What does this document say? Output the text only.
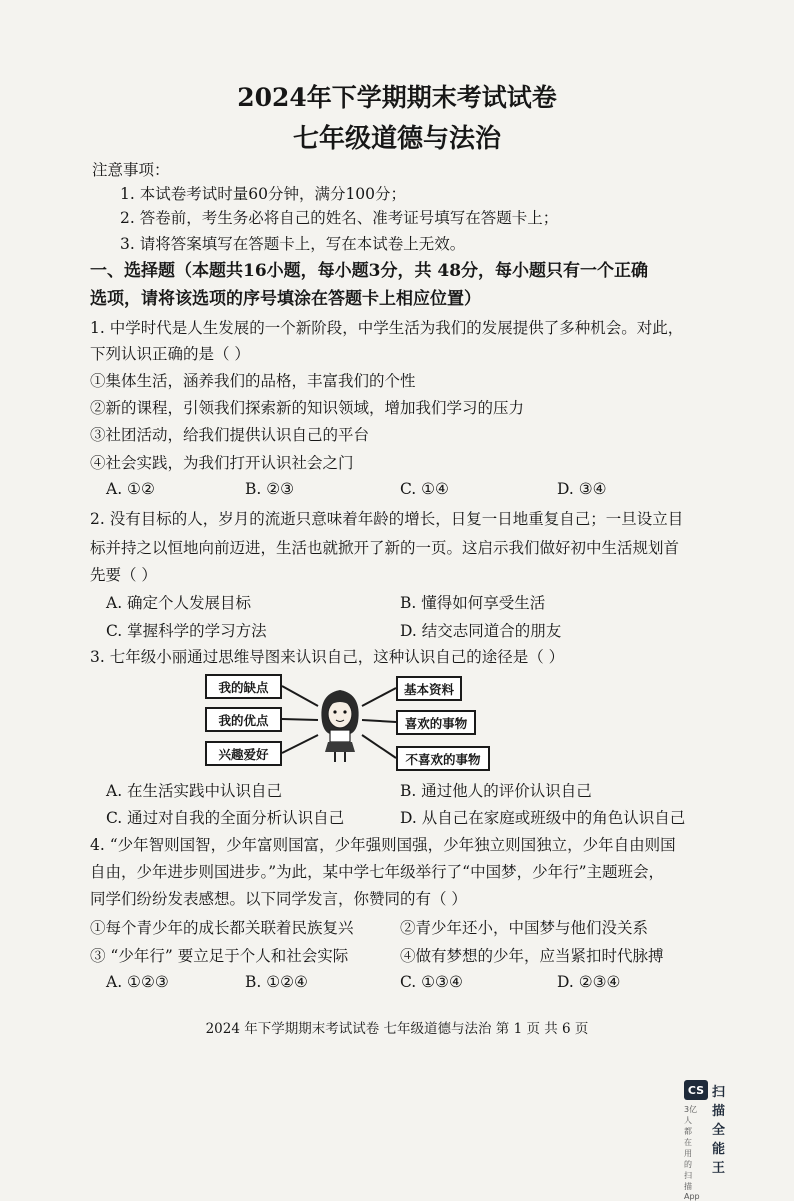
2024年下学期期末考试试卷
七年级道德与法治
注意事项：
1. 本试卷考试时量60分钟，满分100分；
2. 答卷前，考生务必将自己的姓名、准考证号填写在答题卡上；
3. 请将答案填写在答题卡上，写在本试卷上无效。
一、选择题（本题共16小题，每小题3分，共 48分，每小题只有一个正确
选项，请将该选项的序号填涂在答题卡上相应位置）
1. 中学时代是人生发展的一个新阶段，中学生活为我们的发展提供了多种机会。对此，
下列认识正确的是（ ）
①集体生活，涵养我们的品格，丰富我们的个性
②新的课程，引领我们探索新的知识领域，增加我们学习的压力
③社团活动，给我们提供认识自己的平台
④社会实践，为我们打开认识社会之门
A. ①②	B. ②③	C. ①④	D. ③④
2. 没有目标的人，岁月的流逝只意味着年龄的增长，日复一日地重复自己；一旦设立目
标并持之以恒地向前迈进，生活也就掀开了新的一页。这启示我们做好初中生活规划首
先要（ ）
A. 确定个人发展目标	B. 懂得如何享受生活
C. 掌握科学的学习方法	D. 结交志同道合的朋友
3. 七年级小丽通过思维导图来认识自己，这种认识自己的途径是（ ）
我的缺点
我的优点
兴趣爱好
基本资料
喜欢的事物
不喜欢的事物
A. 在生活实践中认识自己	B. 通过他人的评价认识自己
C. 通过对自我的全面分析认识自己	D. 从自己在家庭或班级中的角色认识自己
4. “少年智则国智，少年富则国富，少年强则国强，少年独立则国独立，少年自由则国
自由，少年进步则国进步。”为此，某中学七年级举行了“中国梦，少年行”主题班会，
同学们纷纷发表感想。以下同学发言，你赞同的有（ ）
①每个青少年的成长都关联着民族复兴	②青少年还小，中国梦与他们没关系
③ “少年行” 要立足于个人和社会实际	④做有梦想的少年，应当紧扣时代脉搏
A. ①②③	B. ①②④	C. ①③④	D. ②③④
2024 年下学期期末考试试卷 七年级道德与法治 第 1 页 共 6 页
CS 扫描全能王
3亿人都在用的扫描App
